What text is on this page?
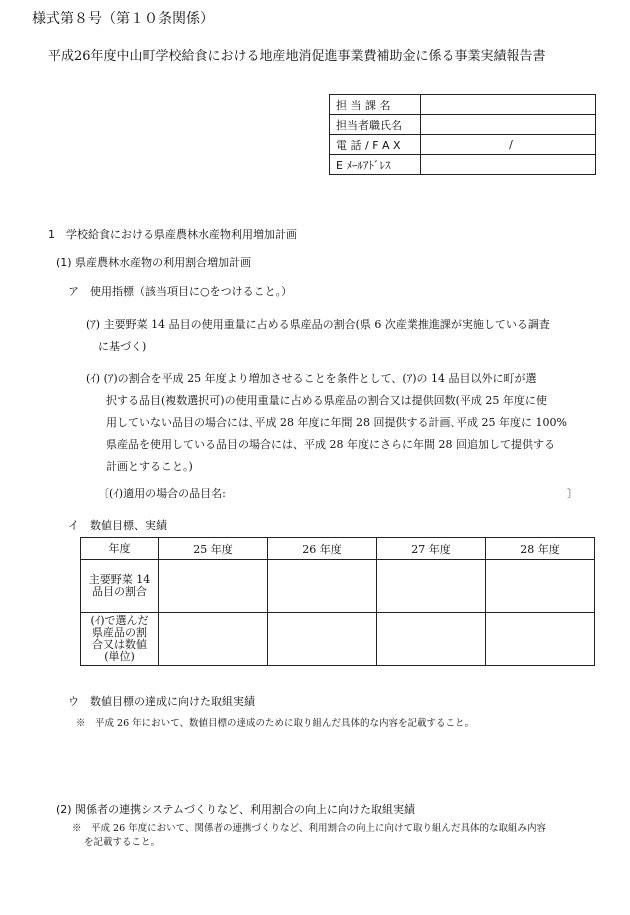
様式第８号（第１０条関係）
平成26年度中山町学校給食における地産地消促進事業費補助金に係る事業実績報告書
担 当 課 名	
担当者職氏名	
電 話 / F A X	/
E ﾒｰﾙｱﾄﾞﾚｽ	
1　学校給食における県産農林水産物利用増加計画
(1) 県産農林水産物の利用割合増加計画
ア　使用指標（該当項目に○をつけること。）
(ｱ) 主要野菜 14 品目の使用重量に占める県産品の割合(県 6 次産業推進課が実施している調査
に基づく)
(ｲ) (ｱ)の割合を平成 25 年度より増加させることを条件として、(ｱ)の 14 品目以外に町が選
択する品目(複数選択可)の使用重量に占める県産品の割合又は提供回数(平成 25 年度に使
用していない品目の場合には､平成 28 年度に年間 28 回提供する計画､平成 25 年度に 100%
県産品を使用している品目の場合には、平成 28 年度にさらに年間 28 回追加して提供する
計画とすること。)
〔(ｲ)適用の場合の品目名:	〕
イ　数値目標、実績
年度	25 年度	26 年度	27 年度	28 年度

主要野菜 14
品目の割合				

(ｲ)で選んだ
県産品の割
合又は数値
(単位)				

ウ　数値目標の達成に向けた取組実績
※　平成 26 年において、数値目標の達成のために取り組んだ具体的な内容を記載すること。
(2) 関係者の連携システムづくりなど、利用割合の向上に向けた取組実績
※　平成 26 年度において、関係者の連携づくりなど、利用割合の向上に向けて取り組んだ具体的な取組み内容
を記載すること。
